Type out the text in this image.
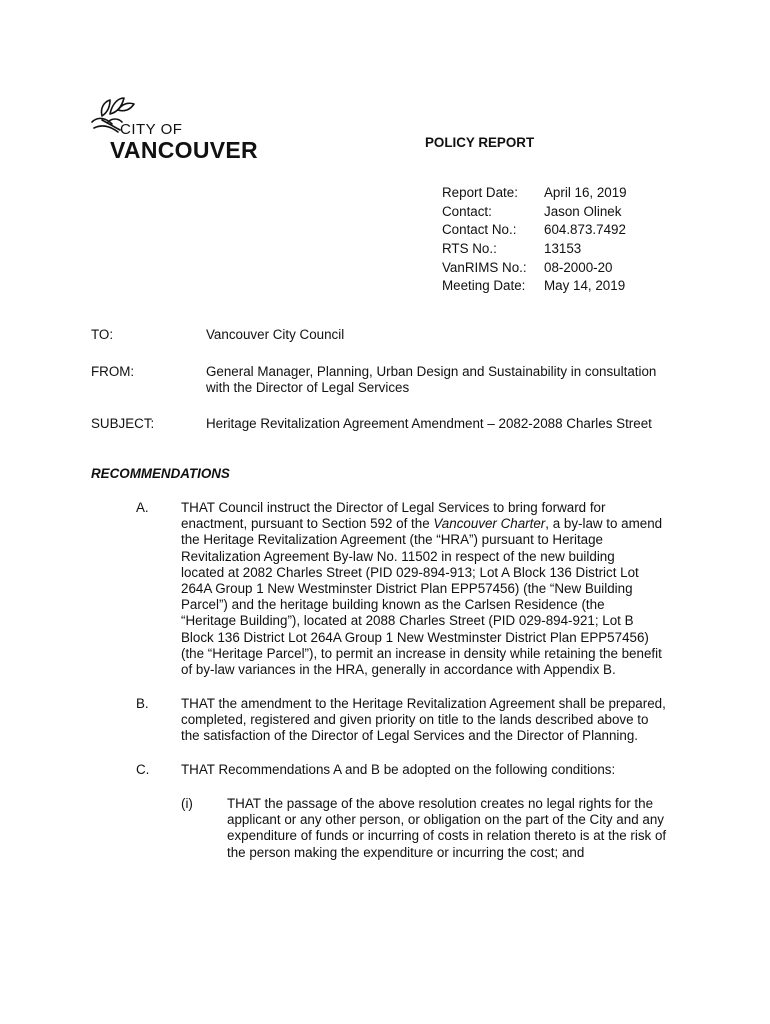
CITY OF
VANCOUVER	POLICY REPORT
Report Date: April 16, 2019
Contact:	Jason Olinek
Contact No.: 604.873.7492
RTS No.:	13153
VanRIMS No.: 08-2000-20
Meeting Date: May 14, 2019
TO:	Vancouver City Council
FROM:	General Manager, Planning, Urban Design and Sustainability in consultation
with the Director of Legal Services
SUBJECT:	Heritage Revitalization Agreement Amendment – 2082-2088 Charles Street
RECOMMENDATIONS
A. THAT Council instruct the Director of Legal Services to bring forward for
enactment, pursuant to Section 592 of the Vancouver Charter, a by-law to amend
the Heritage Revitalization Agreement (the “HRA”) pursuant to Heritage
Revitalization Agreement By-law No. 11502 in respect of the new building
located at 2082 Charles Street (PID 029-894-913; Lot A Block 136 District Lot
264A Group 1 New Westminster District Plan EPP57456) (the “New Building
Parcel”) and the heritage building known as the Carlsen Residence (the
“Heritage Building”), located at 2088 Charles Street (PID 029-894-921; Lot B
Block 136 District Lot 264A Group 1 New Westminster District Plan EPP57456)
(the “Heritage Parcel”), to permit an increase in density while retaining the benefit
of by-law variances in the HRA, generally in accordance with Appendix B.
B. THAT the amendment to the Heritage Revitalization Agreement shall be prepared,
completed, registered and given priority on title to the lands described above to
the satisfaction of the Director of Legal Services and the Director of Planning.
C. THAT Recommendations A and B be adopted on the following conditions:
(i)	THAT the passage of the above resolution creates no legal rights for the
applicant or any other person, or obligation on the part of the City and any
expenditure of funds or incurring of costs in relation thereto is at the risk of
the person making the expenditure or incurring the cost; and
